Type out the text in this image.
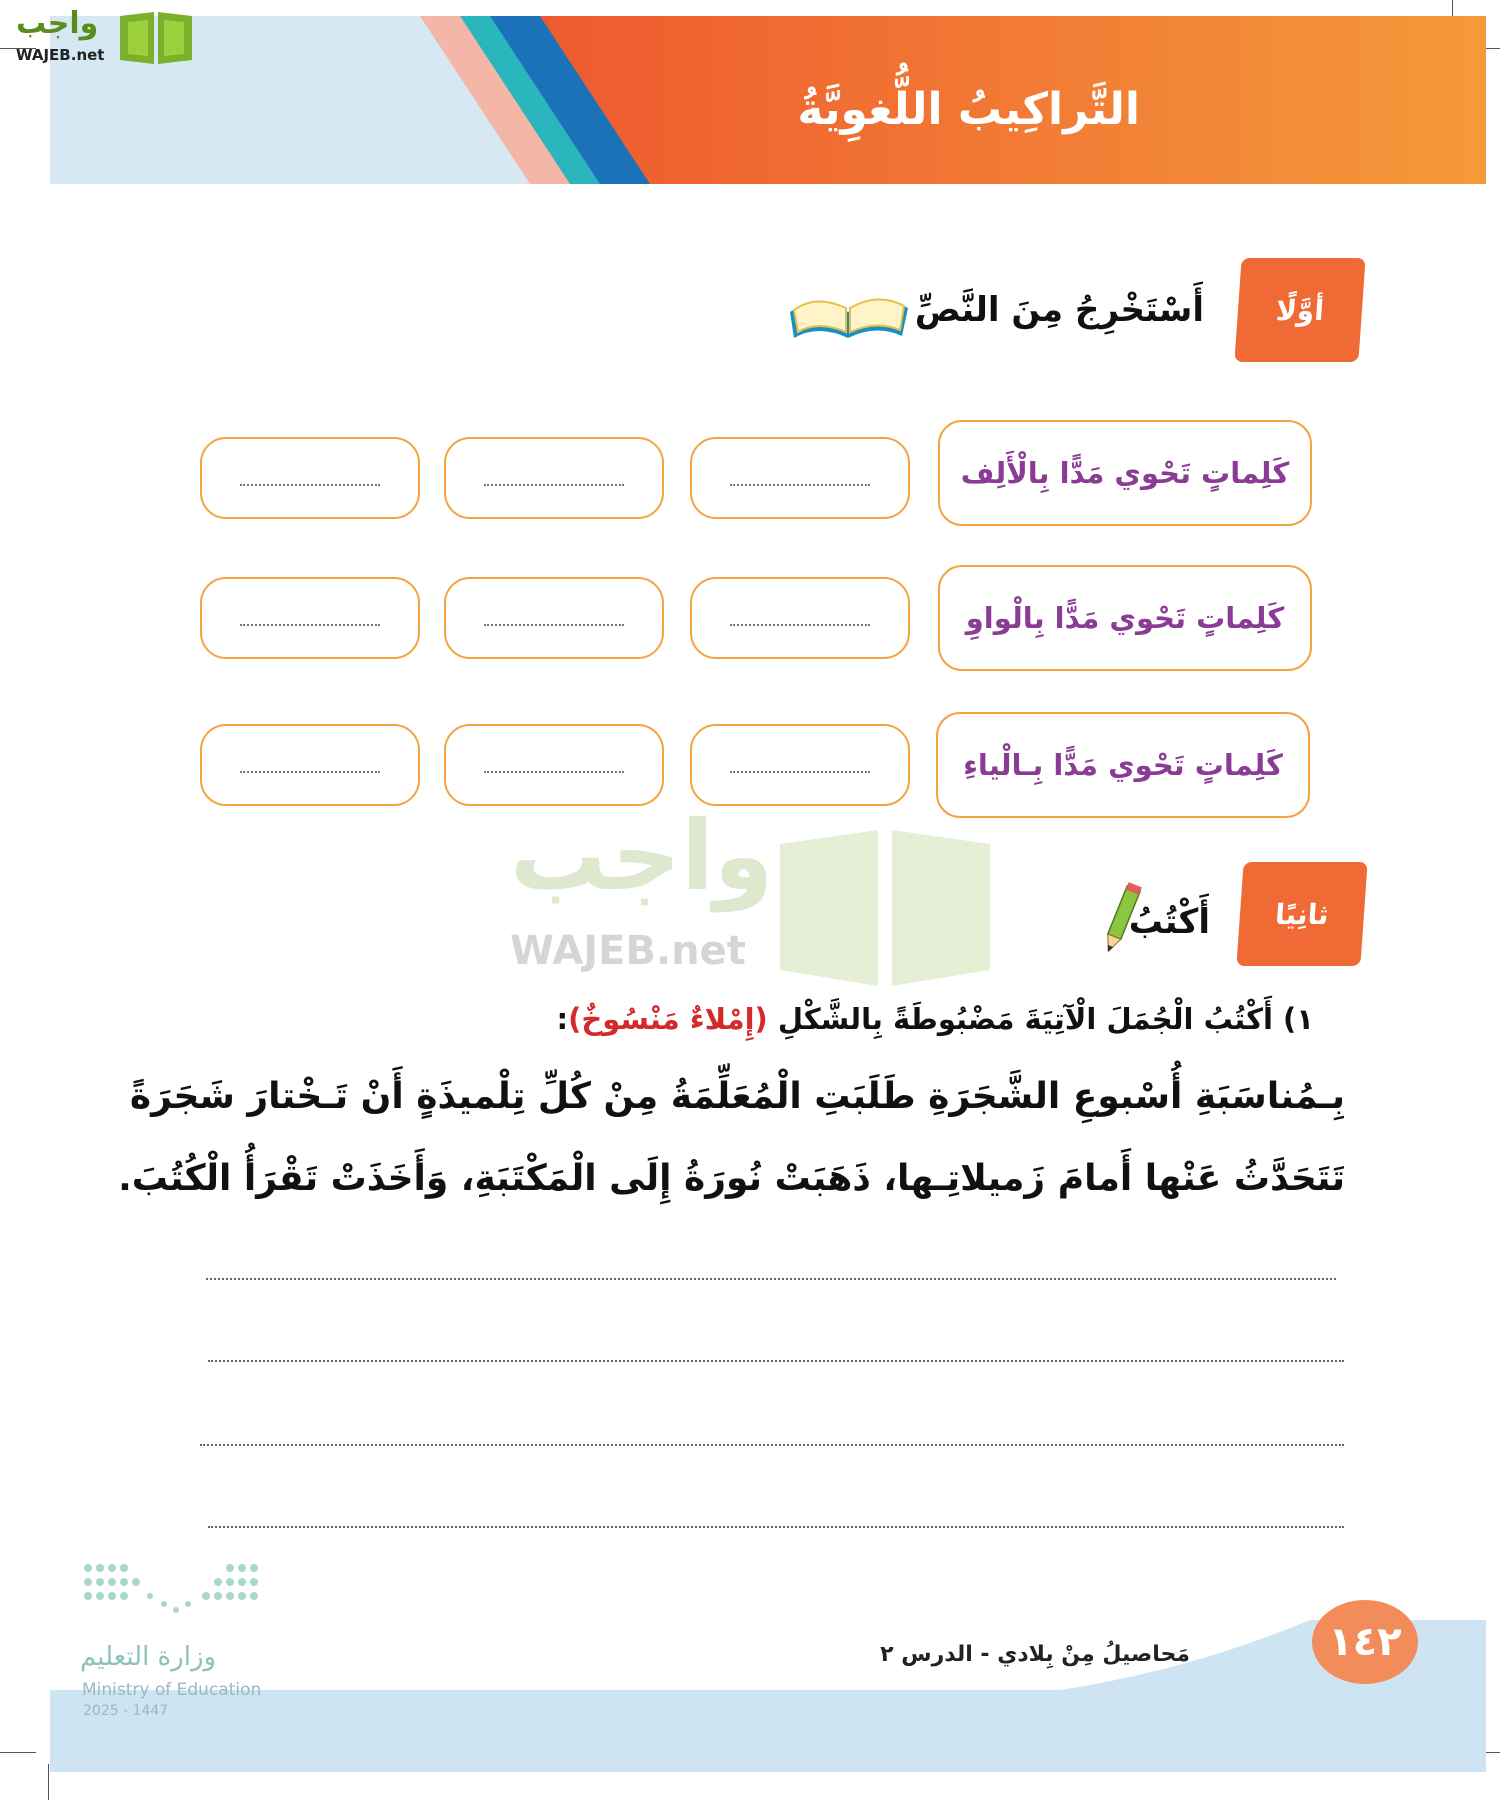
التَّراكِيبُ اللُّغوِيَّةُ
واجب
WAJEB.net
أوَّلًا
أَسْتَخْرِجُ مِنَ النَّصِّ
كَلِماتٍ تَحْوي مَدًّا بِالْأَلِف
كَلِماتٍ تَحْوي مَدًّا بِالْواوِ
كَلِماتٍ تَحْوي مَدًّا بِـالْياءِ
واجب
WAJEB.net
ثانِيًا
أَكْتُبُ
١) أَكْتُبُ الْجُمَلَ الْآتِيَةَ مَضْبُوطَةً بِالشَّكْلِ (إِمْلاءٌ مَنْسُوخٌ):
بِـمُناسَبَةِ أُسْبوعِ الشَّجَرَةِ طَلَبَتِ الْمُعَلِّمَةُ مِنْ كُلِّ تِلْميذَةٍ أَنْ تَـخْتارَ شَجَرَةً
تَتَحَدَّثُ عَنْها أَمامَ زَميلاتِـها، ذَهَبَتْ نُورَةُ إِلَى الْمَكْتَبَةِ، وَأَخَذَتْ تَقْرَأُ الْكُتُبَ.
مَحاصيلُ مِنْ بِلادي - الدرس ٢	١٤٢
وزارة التعليم
Ministry of Education
2025 - 1447
